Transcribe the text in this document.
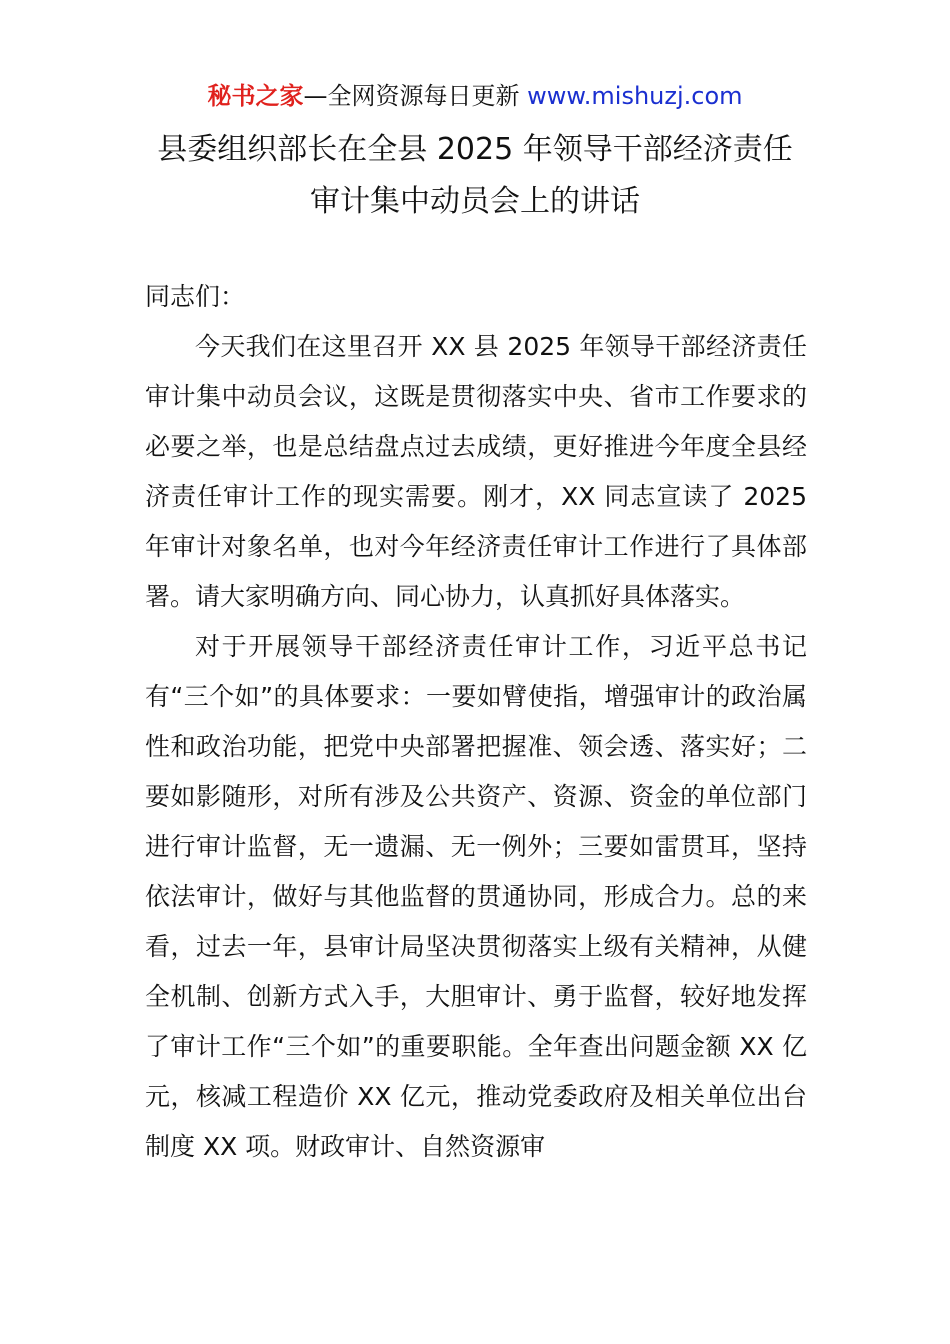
秘书之家—全网资源每日更新 www.mishuzj.com
县委组织部长在全县 2025 年领导干部经济责任
审计集中动员会上的讲话

同志们：

今天我们在这里召开 XX 县 2025 年领导干部经济责任审计集中动员会议，这既是贯彻落实中央、省市工作要求的必要之举，也是总结盘点过去成绩，更好推进今年度全县经济责任审计工作的现实需要。刚才，XX 同志宣读了 2025 年审计对象名单，也对今年经济责任审计工作进行了具体部署。请大家明确方向、同心协力，认真抓好具体落实。

对于开展领导干部经济责任审计工作，习近平总书记有“三个如”的具体要求：一要如臂使指，增强审计的政治属性和政治功能，把党中央部署把握准、领会透、落实好；二要如影随形，对所有涉及公共资产、资源、资金的单位部门进行审计监督，无一遗漏、无一例外；三要如雷贯耳，坚持依法审计，做好与其他监督的贯通协同，形成合力。总的来看，过去一年，县审计局坚决贯彻落实上级有关精神，从健全机制、创新方式入手，大胆审计、勇于监督，较好地发挥了审计工作“三个如”的重要职能。全年查出问题金额 XX 亿元，核减工程造价 XX 亿元，推动党委政府及相关单位出台制度 XX 项。财政审计、自然资源审
